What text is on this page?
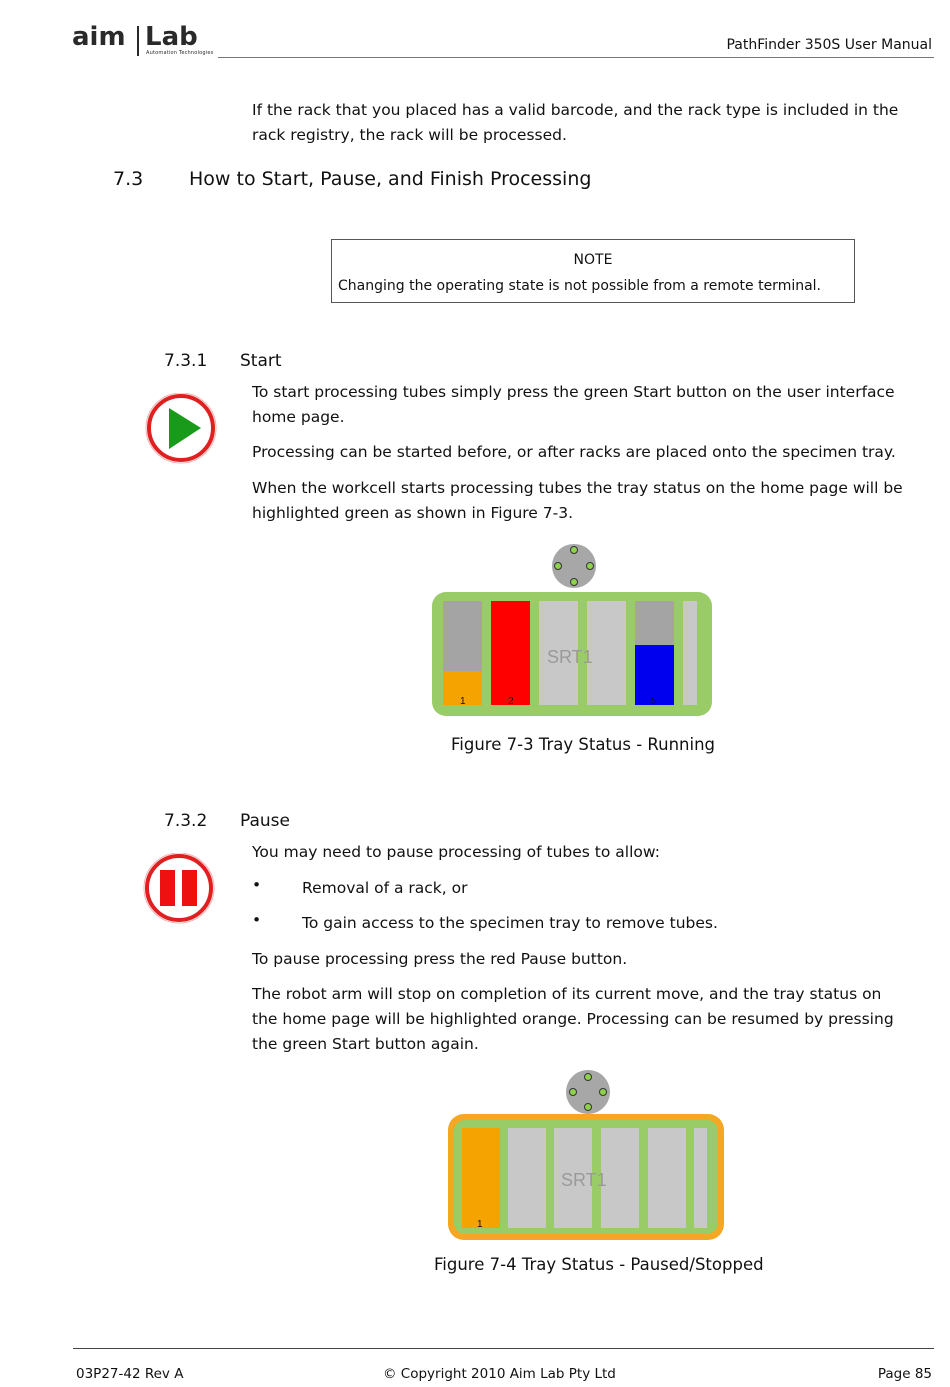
aim Lab
Automation Technologies	PathFinder 350S User Manual
If the rack that you placed has a valid barcode, and the rack type is included in the
rack registry, the rack will be processed.
7.3 How to Start, Pause, and Finish Processing
NOTE
Changing the operating state is not possible from a remote terminal.
7.3.1 Start
To start processing tubes simply press the green Start button on the user interface
home page.
Processing can be started before, or after racks are placed onto the specimen tray.
When the workcell starts processing tubes the tray status on the home page will be
highlighted green as shown in Figure 7-3.
SRT1
1	2	5
Figure 7-3 Tray Status - Running
7.3.2 Pause
You may need to pause processing of tubes to allow:
•	Removal of a rack, or
•	To gain access to the specimen tray to remove tubes.
To pause processing press the red Pause button.
The robot arm will stop on completion of its current move, and the tray status on
the home page will be highlighted orange. Processing can be resumed by pressing
the green Start button again.
SRT1
1
Figure 7-4 Tray Status - Paused/Stopped
03P27-42 Rev A	© Copyright 2010 Aim Lab Pty Ltd	Page 85
